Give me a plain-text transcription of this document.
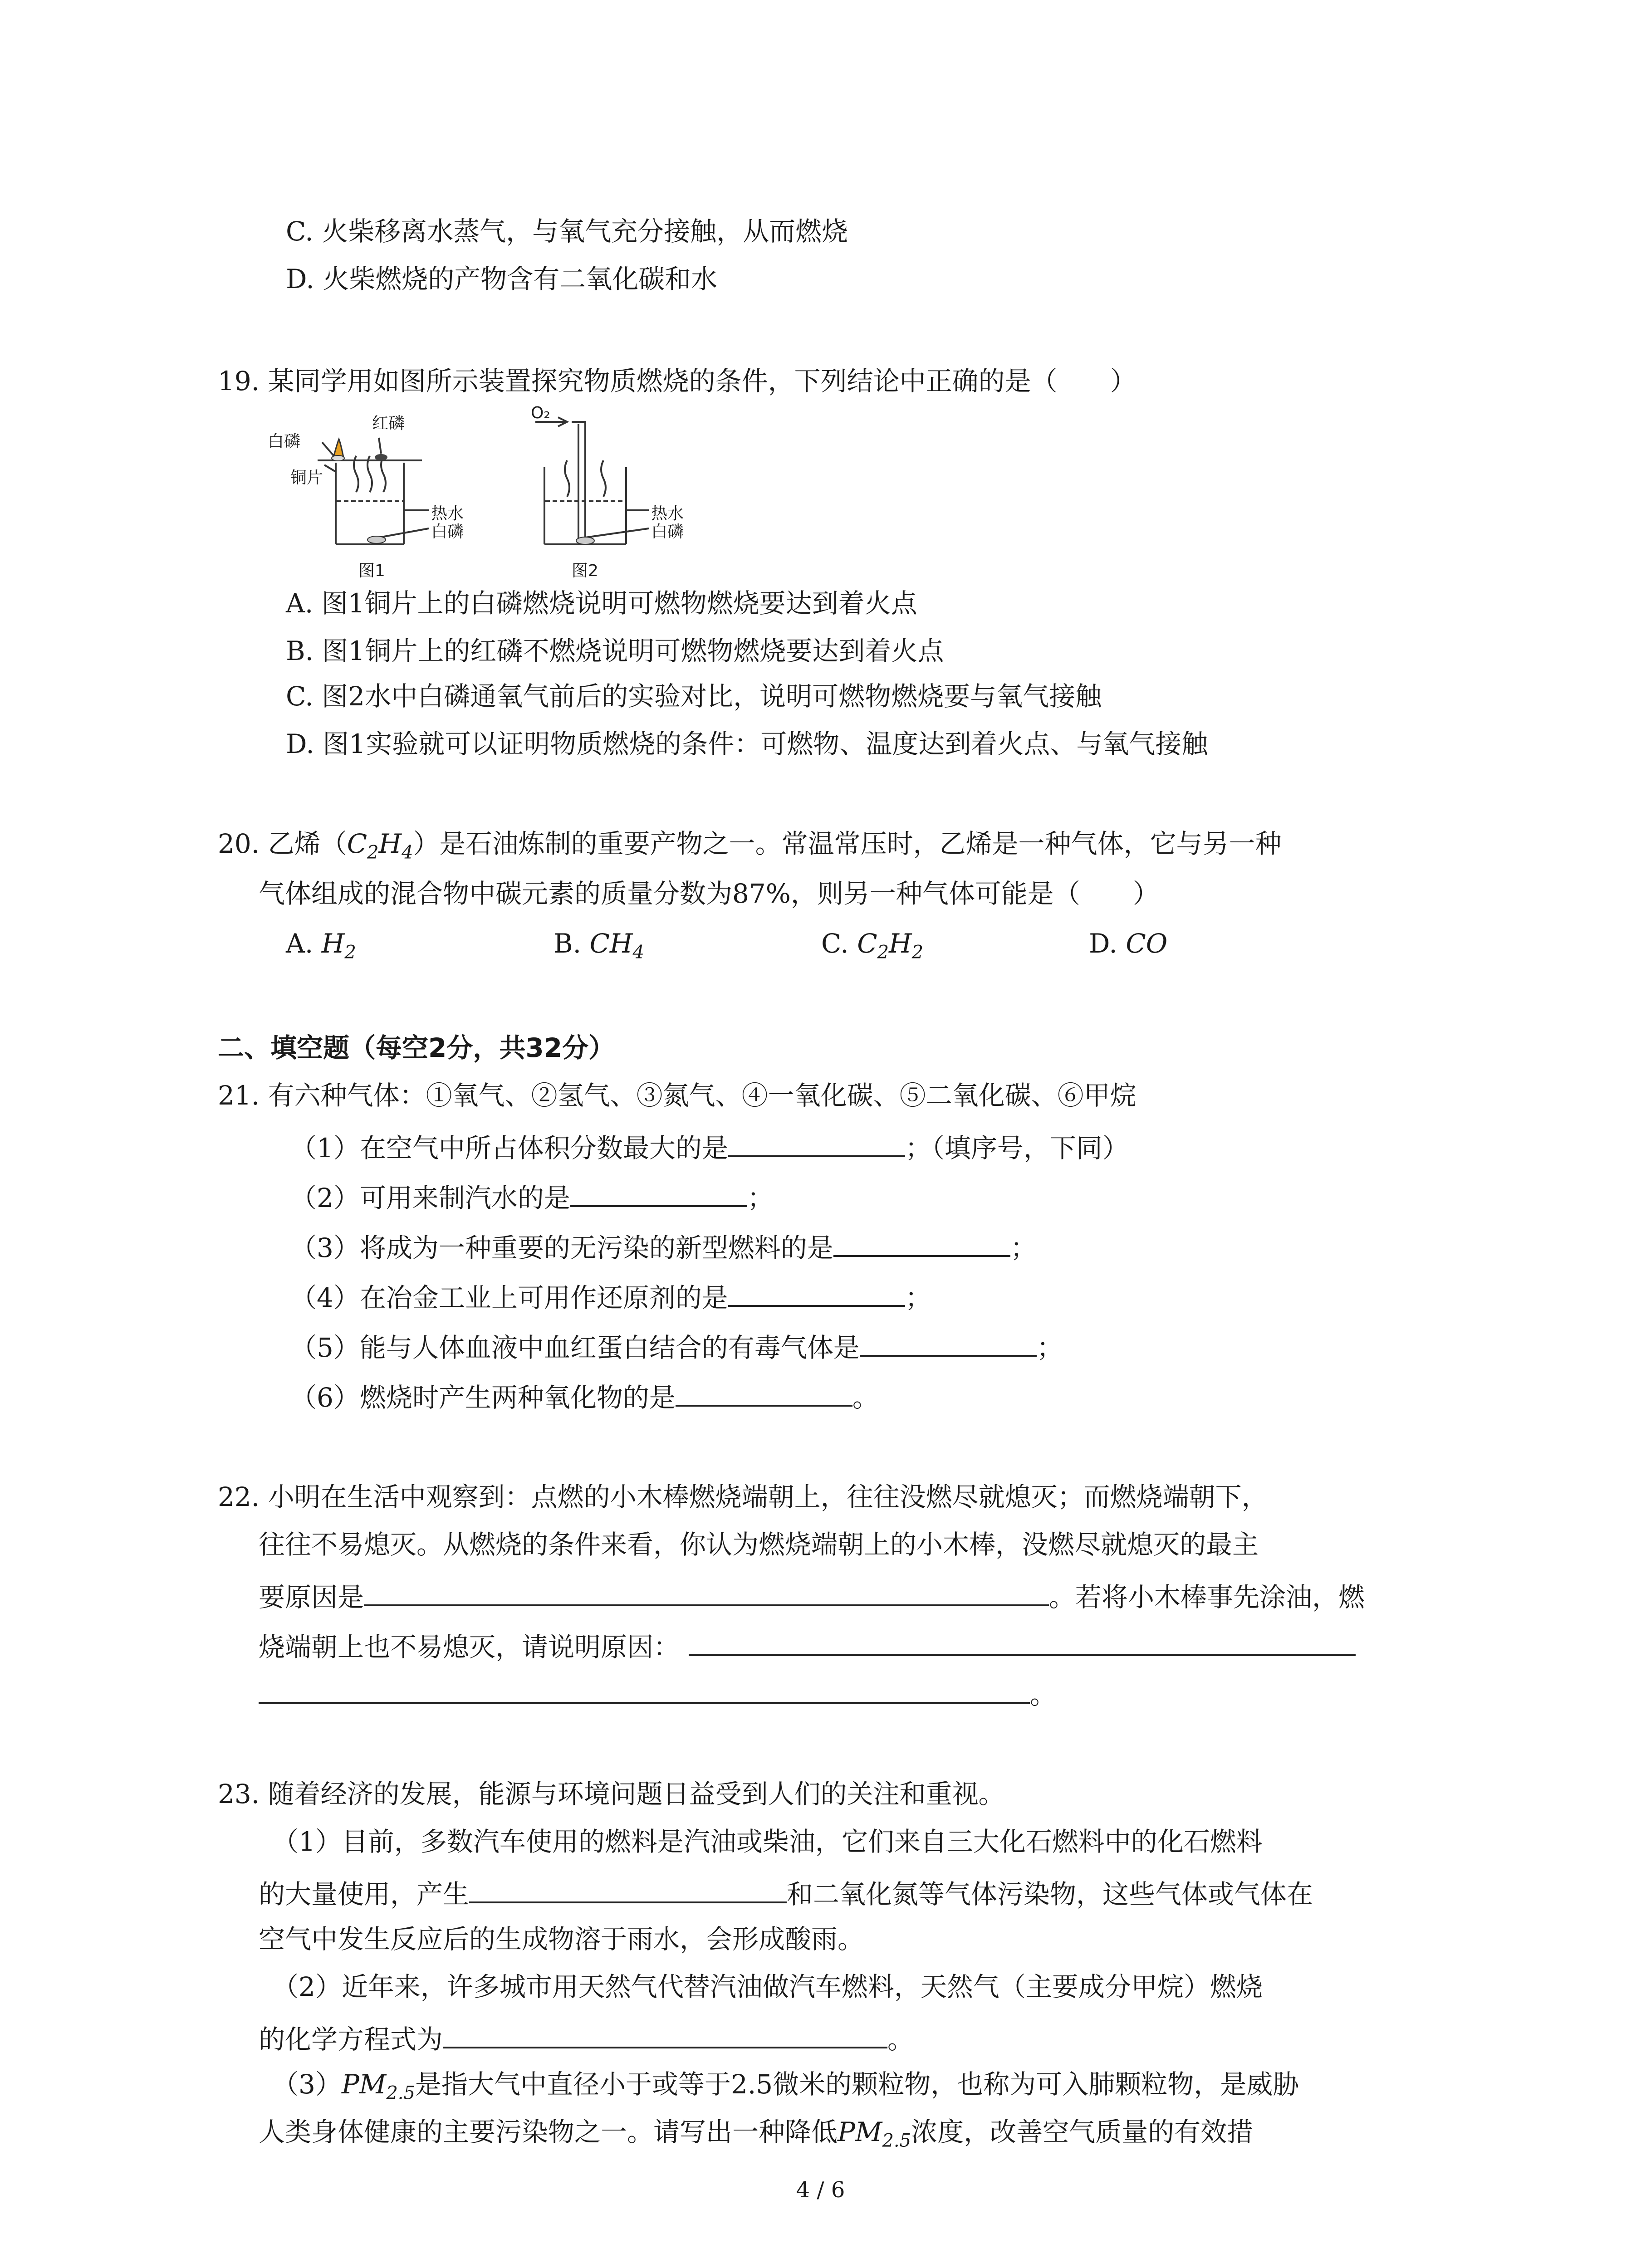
C. 火柴移离水蒸气，与氧气充分接触，从而燃烧
D. 火柴燃烧的产物含有二氧化碳和水
19. 某同学用如图所示装置探究物质燃烧的条件，下列结论中正确的是（　　）
白磷
红磷
铜片
热水
白磷
图1
O₂
热水
白磷
图2
A. 图1铜片上的白磷燃烧说明可燃物燃烧要达到着火点
B. 图1铜片上的红磷不燃烧说明可燃物燃烧要达到着火点
C. 图2水中白磷通氧气前后的实验对比，说明可燃物燃烧要与氧气接触
D. 图1实验就可以证明物质燃烧的条件：可燃物、温度达到着火点、与氧气接触
20. 乙烯$(C_2H_4)$是石油炼制的重要产物之一。常温常压时，乙烯是一种气体，它与另一种
气体组成的混合物中碳元素的质量分数为87%，则另一种气体可能是（　　）
A. $H_2$	B. $CH_4$	C. $C_2H_2$	D. CO
二、填空题（每空2分，共32分）
21. 有六种气体：①氧气、②氢气、③氮气、④一氧化碳、⑤二氧化碳、⑥甲烷
（1）在空气中所占体积分数最大的是	；（填序号，下同）
（2）可用来制汽水的是	；
（3）将成为一种重要的无污染的新型燃料的是	；
（4）在冶金工业上可用作还原剂的是	；
（5）能与人体血液中血红蛋白结合的有毒气体是	；
（6）燃烧时产生两种氧化物的是	。
22. 小明在生活中观察到：点燃的小木棒燃烧端朝上，往往没燃尽就熄灭；而燃烧端朝下，
往往不易熄灭。从燃烧的条件来看，你认为燃烧端朝上的小木棒，没燃尽就熄灭的最主
要原因是	。若将小木棒事先涂油，燃
烧端朝上也不易熄灭，请说明原因：
。
23. 随着经济的发展，能源与环境问题日益受到人们的关注和重视。
（1）目前，多数汽车使用的燃料是汽油或柴油，它们来自三大化石燃料中的化石燃料
的大量使用，产生	和二氧化氮等气体污染物，这些气体或气体在
空气中发生反应后的生成物溶于雨水，会形成酸雨。
（2）近年来，许多城市用天然气代替汽油做汽车燃料，天然气（主要成分甲烷）燃烧
的化学方程式为	。
$(3)PM_{2.5}$是指大气中直径小于或等于2.5微米的颗粒物，也称为可入肺颗粒物，是威胁
人类身体健康的主要污染物之一。请写出一种降低$PM_{2.5}$浓度，改善空气质量的有效措
4 / 6
